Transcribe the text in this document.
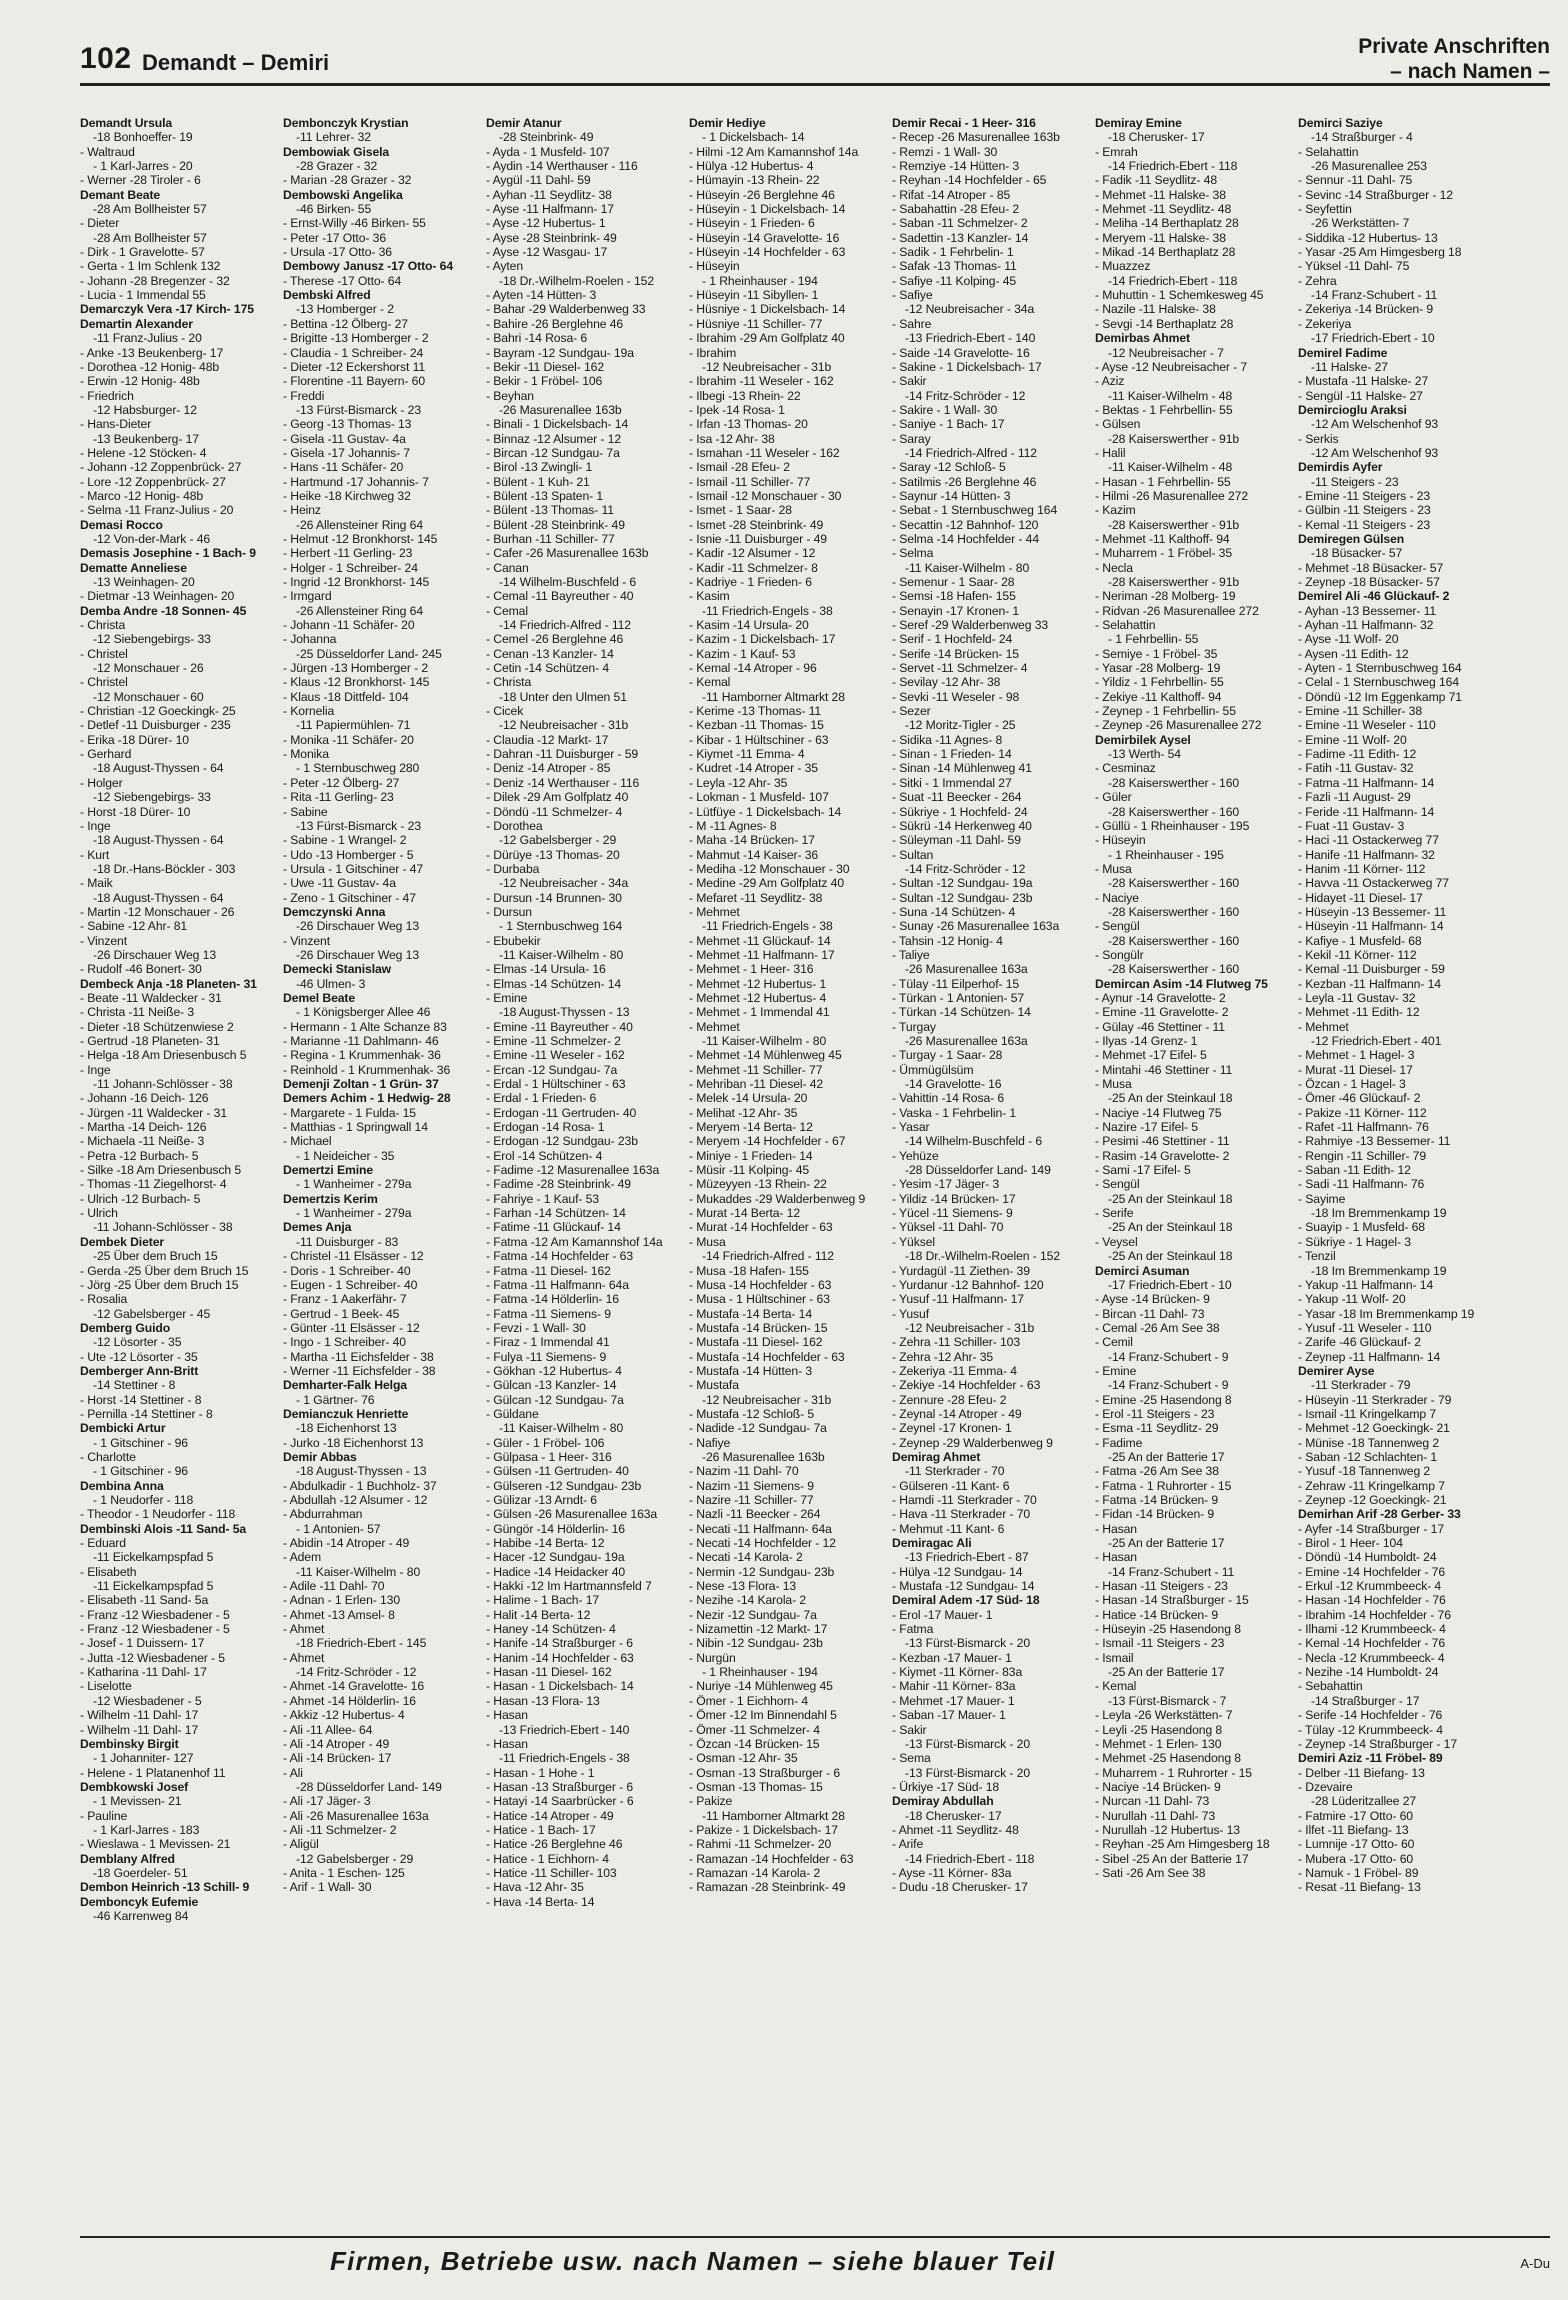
102 Demandt – Demiri
Private Anschriften
– nach Namen –
Demandt Ursula
-18 Bonhoeffer- 19
- Waltraud
- 1 Karl-Jarres - 20
- Werner -28 Tiroler - 6
Demant Beate
-28 Am Bollheister 57
- Dieter
-28 Am Bollheister 57
- Dirk - 1 Gravelotte- 57
- Gerta - 1 Im Schlenk 132
- Johann -28 Bregenzer - 32
- Lucia - 1 Immendal 55
Demarczyk Vera -17 Kirch- 175
Demartin Alexander
-11 Franz-Julius - 20
- Anke -13 Beukenberg- 17
- Dorothea -12 Honig- 48b
- Erwin -12 Honig- 48b
- Friedrich
-12 Habsburger- 12
- Hans-Dieter
-13 Beukenberg- 17
- Helene -12 Stöcken- 4
- Johann -12 Zoppenbrück- 27
- Lore -12 Zoppenbrück- 27
- Marco -12 Honig- 48b
- Selma -11 Franz-Julius - 20
Demasi Rocco
-12 Von-der-Mark - 46
Demasis Josephine - 1 Bach- 9
Dematte Anneliese
-13 Weinhagen- 20
- Dietmar -13 Weinhagen- 20
Demba Andre -18 Sonnen- 45
- Christa
-12 Siebengebirgs- 33
- Christel
-12 Monschauer - 26
- Christel
-12 Monschauer - 60
- Christian -12 Goeckingk- 25
- Detlef -11 Duisburger - 235
- Erika -18 Dürer- 10
- Gerhard
-18 August-Thyssen - 64
- Holger
-12 Siebengebirgs- 33
- Horst -18 Dürer- 10
- Inge
-18 August-Thyssen - 64
- Kurt
-18 Dr.-Hans-Böckler - 303
- Maik
-18 August-Thyssen - 64
- Martin -12 Monschauer - 26
- Sabine -12 Ahr- 81
- Vinzent
-26 Dirschauer Weg 13
- Rudolf -46 Bonert- 30
Dembeck Anja -18 Planeten- 31
- Beate -11 Waldecker - 31
- Christa -11 Neiße- 3
- Dieter -18 Schützenwiese 2
- Gertrud -18 Planeten- 31
- Helga -18 Am Driesenbusch 5
- Inge
-11 Johann-Schlösser - 38
- Johann -16 Deich- 126
- Jürgen -11 Waldecker - 31
- Martha -14 Deich- 126
- Michaela -11 Neiße- 3
- Petra -12 Burbach- 5
- Silke -18 Am Driesenbusch 5
- Thomas -11 Ziegelhorst- 4
- Ulrich -12 Burbach- 5
- Ulrich
-11 Johann-Schlösser - 38
Dembek Dieter
-25 Über dem Bruch 15
- Gerda -25 Über dem Bruch 15
- Jörg -25 Über dem Bruch 15
- Rosalia
-12 Gabelsberger - 45
Demberg Guido
-12 Lösorter - 35
- Ute -12 Lösorter - 35
Demberger Ann-Britt
-14 Stettiner - 8
- Horst -14 Stettiner - 8
- Pernilla -14 Stettiner - 8
Dembicki Artur
- 1 Gitschiner - 96
- Charlotte
- 1 Gitschiner - 96
Dembina Anna
- 1 Neudorfer - 118
- Theodor - 1 Neudorfer - 118
Dembinski Alois -11 Sand- 5a
- Eduard
-11 Eickelkampspfad 5
- Elisabeth
-11 Eickelkampspfad 5
- Elisabeth -11 Sand- 5a
- Franz -12 Wiesbadener - 5
- Franz -12 Wiesbadener - 5
- Josef - 1 Duissern- 17
- Jutta -12 Wiesbadener - 5
- Katharina -11 Dahl- 17
- Liselotte
-12 Wiesbadener - 5
- Wilhelm -11 Dahl- 17
- Wilhelm -11 Dahl- 17
Dembinsky Birgit
- 1 Johanniter- 127
- Helene - 1 Platanenhof 11
Dembkowski Josef
- 1 Mevissen- 21
- Pauline
- 1 Karl-Jarres - 183
- Wieslawa - 1 Mevissen- 21
Demblany Alfred
-18 Goerdeler- 51
Dembon Heinrich -13 Schill- 9
Demboncyk Eufemie
-46 Karrenweg 84
Dembonczyk Krystian
-11 Lehrer- 32
Dembowiak Gisela
-28 Grazer - 32
- Marian -28 Grazer - 32
Dembowski Angelika
-46 Birken- 55
- Ernst-Willy -46 Birken- 55
- Peter -17 Otto- 36
- Ursula -17 Otto- 36
Dembowy Janusz -17 Otto- 64
- Therese -17 Otto- 64
Dembski Alfred
-13 Homberger - 2
- Bettina -12 Ölberg- 27
- Brigitte -13 Homberger - 2
- Claudia - 1 Schreiber- 24
- Dieter -12 Eckershorst 11
- Florentine -11 Bayern- 60
- Freddi
-13 Fürst-Bismarck - 23
- Georg -13 Thomas- 13
- Gisela -11 Gustav- 4a
- Gisela -17 Johannis- 7
- Hans -11 Schäfer- 20
- Hartmund -17 Johannis- 7
- Heike -18 Kirchweg 32
- Heinz
-26 Allensteiner Ring 64
- Helmut -12 Bronkhorst- 145
- Herbert -11 Gerling- 23
- Holger - 1 Schreiber- 24
- Ingrid -12 Bronkhorst- 145
- Irmgard
-26 Allensteiner Ring 64
- Johann -11 Schäfer- 20
- Johanna
-25 Düsseldorfer Land- 245
- Jürgen -13 Homberger - 2
- Klaus -12 Bronkhorst- 145
- Klaus -18 Dittfeld- 104
- Kornelia
-11 Papiermühlen- 71
- Monika -11 Schäfer- 20
- Monika
- 1 Sternbuschweg 280
- Peter -12 Ölberg- 27
- Rita -11 Gerling- 23
- Sabine
-13 Fürst-Bismarck - 23
- Sabine - 1 Wrangel- 2
- Udo -13 Homberger - 5
- Ursula - 1 Gitschiner - 47
- Uwe -11 Gustav- 4a
- Zeno - 1 Gitschiner - 47
Demczynski Anna
-26 Dirschauer Weg 13
- Vinzent
-26 Dirschauer Weg 13
Demecki Stanislaw
-46 Ulmen- 3
Demel Beate
- 1 Königsberger Allee 46
- Hermann - 1 Alte Schanze 83
- Marianne -11 Dahlmann- 46
- Regina - 1 Krummenhak- 36
- Reinhold - 1 Krummenhak- 36
Demenji Zoltan - 1 Grün- 37
Demers Achim - 1 Hedwig- 28
- Margarete - 1 Fulda- 15
- Matthias - 1 Springwall 14
- Michael
- 1 Neideicher - 35
Demertzi Emine
- 1 Wanheimer - 279a
Demertzis Kerim
- 1 Wanheimer - 279a
Demes Anja
-11 Duisburger - 83
- Christel -11 Elsässer - 12
- Doris - 1 Schreiber- 40
- Eugen - 1 Schreiber- 40
- Franz - 1 Aakerfähr- 7
- Gertrud - 1 Beek- 45
- Günter -11 Elsässer - 12
- Ingo - 1 Schreiber- 40
- Martha -11 Eichsfelder - 38
- Werner -11 Eichsfelder - 38
Demharter-Falk Helga
- 1 Gärtner- 76
Demianczuk Henriette
-18 Eichenhorst 13
- Jurko -18 Eichenhorst 13
Demir Abbas
-18 August-Thyssen - 13
- Abdulkadir - 1 Buchholz- 37
- Abdullah -12 Alsumer - 12
- Abdurrahman
- 1 Antonien- 57
- Abidin -14 Atroper - 49
- Adem
-11 Kaiser-Wilhelm - 80
- Adile -11 Dahl- 70
- Adnan - 1 Erlen- 130
- Ahmet -13 Amsel- 8
- Ahmet
-18 Friedrich-Ebert - 145
- Ahmet
-14 Fritz-Schröder - 12
- Ahmet -14 Gravelotte- 16
- Ahmet -14 Hölderlin- 16
- Akkiz -12 Hubertus- 4
- Ali -11 Allee- 64
- Ali -14 Atroper - 49
- Ali -14 Brücken- 17
- Ali
-28 Düsseldorfer Land- 149
- Ali -17 Jäger- 3
- Ali -26 Masurenallee 163a
- Ali -11 Schmelzer- 2
- Aligül
-12 Gabelsberger - 29
- Anita - 1 Eschen- 125
- Arif - 1 Wall- 30
Demir Atanur
-28 Steinbrink- 49
- Ayda - 1 Musfeld- 107
- Aydin -14 Werthauser - 116
- Aygül -11 Dahl- 59
- Ayhan -11 Seydlitz- 38
- Ayse -11 Halfmann- 17
- Ayse -12 Hubertus- 1
- Ayse -28 Steinbrink- 49
- Ayse -12 Wasgau- 17
- Ayten
-18 Dr.-Wilhelm-Roelen - 152
- Ayten -14 Hütten- 3
- Bahar -29 Walderbenweg 33
- Bahire -26 Berglehne 46
- Bahri -14 Rosa- 6
- Bayram -12 Sundgau- 19a
- Bekir -11 Diesel- 162
- Bekir - 1 Fröbel- 106
- Beyhan
-26 Masurenallee 163b
- Binali - 1 Dickelsbach- 14
- Binnaz -12 Alsumer - 12
- Bircan -12 Sundgau- 7a
- Birol -13 Zwingli- 1
- Bülent - 1 Kuh- 21
- Bülent -13 Spaten- 1
- Bülent -13 Thomas- 11
- Bülent -28 Steinbrink- 49
- Burhan -11 Schiller- 77
- Cafer -26 Masurenallee 163b
- Canan
-14 Wilhelm-Buschfeld - 6
- Cemal -11 Bayreuther - 40
- Cemal
-14 Friedrich-Alfred - 112
- Cemel -26 Berglehne 46
- Cenan -13 Kanzler- 14
- Cetin -14 Schützen- 4
- Christa
-18 Unter den Ulmen 51
- Cicek
-12 Neubreisacher - 31b
- Claudia -12 Markt- 17
- Dahran -11 Duisburger - 59
- Deniz -14 Atroper - 85
- Deniz -14 Werthauser - 116
- Dilek -29 Am Golfplatz 40
- Döndü -11 Schmelzer- 4
- Dorothea
-12 Gabelsberger - 29
- Dürüye -13 Thomas- 20
- Durbaba
-12 Neubreisacher - 34a
- Dursun -14 Brunnen- 30
- Dursun
- 1 Sternbuschweg 164
- Ebubekir
-11 Kaiser-Wilhelm - 80
- Elmas -14 Ursula- 16
- Elmas -14 Schützen- 14
- Emine
-18 August-Thyssen - 13
- Emine -11 Bayreuther - 40
- Emine -11 Schmelzer- 2
- Emine -11 Weseler - 162
- Ercan -12 Sundgau- 7a
- Erdal - 1 Hültschiner - 63
- Erdal - 1 Frieden- 6
- Erdogan -11 Gertruden- 40
- Erdogan -14 Rosa- 1
- Erdogan -12 Sundgau- 23b
- Erol -14 Schützen- 4
- Fadime -12 Masurenallee 163a
- Fadime -28 Steinbrink- 49
- Fahriye - 1 Kauf- 53
- Farhan -14 Schützen- 14
- Fatime -11 Glückauf- 14
- Fatma -12 Am Kamannshof 14a
- Fatma -14 Hochfelder - 63
- Fatma -11 Diesel- 162
- Fatma -11 Halfmann- 64a
- Fatma -14 Hölderlin- 16
- Fatma -11 Siemens- 9
- Fevzi - 1 Wall- 30
- Firaz - 1 Immendal 41
- Fulya -11 Siemens- 9
- Gökhan -12 Hubertus- 4
- Gülcan -13 Kanzler- 14
- Gülcan -12 Sundgau- 7a
- Güldane
-11 Kaiser-Wilhelm - 80
- Güler - 1 Fröbel- 106
- Gülpasa - 1 Heer- 316
- Gülsen -11 Gertruden- 40
- Gülseren -12 Sundgau- 23b
- Gülizar -13 Arndt- 6
- Gülsen -26 Masurenallee 163a
- Güngör -14 Hölderlin- 16
- Habibe -14 Berta- 12
- Hacer -12 Sundgau- 19a
- Hadice -14 Heidacker 40
- Hakki -12 Im Hartmannsfeld 7
- Halime - 1 Bach- 17
- Halit -14 Berta- 12
- Haney -14 Schützen- 4
- Hanife -14 Straßburger - 6
- Hanim -14 Hochfelder - 63
- Hasan -11 Diesel- 162
- Hasan - 1 Dickelsbach- 14
- Hasan -13 Flora- 13
- Hasan
-13 Friedrich-Ebert - 140
- Hasan
-11 Friedrich-Engels - 38
- Hasan - 1 Hohe - 1
- Hasan -13 Straßburger - 6
- Hatayi -14 Saarbrücker - 6
- Hatice -14 Atroper - 49
- Hatice - 1 Bach- 17
- Hatice -26 Berglehne 46
- Hatice - 1 Eichhorn- 4
- Hatice -11 Schiller- 103
- Hava -12 Ahr- 35
- Hava -14 Berta- 14
Demir Hediye
- 1 Dickelsbach- 14
- Hilmi -12 Am Kamannshof 14a
- Hülya -12 Hubertus- 4
- Hümayin -13 Rhein- 22
- Hüseyin -26 Berglehne 46
- Hüseyin - 1 Dickelsbach- 14
- Hüseyin - 1 Frieden- 6
- Hüseyin -14 Gravelotte- 16
- Hüseyin -14 Hochfelder - 63
- Hüseyin
- 1 Rheinhauser - 194
- Hüseyin -11 Sibyllen- 1
- Hüsniye - 1 Dickelsbach- 14
- Hüsniye -11 Schiller- 77
- Ibrahim -29 Am Golfplatz 40
- Ibrahim
-12 Neubreisacher - 31b
- Ibrahim -11 Weseler - 162
- Ilbegi -13 Rhein- 22
- Ipek -14 Rosa- 1
- Irfan -13 Thomas- 20
- Isa -12 Ahr- 38
- Ismahan -11 Weseler - 162
- Ismail -28 Efeu- 2
- Ismail -11 Schiller- 77
- Ismail -12 Monschauer - 30
- Ismet - 1 Saar- 28
- Ismet -28 Steinbrink- 49
- Isnie -11 Duisburger - 49
- Kadir -12 Alsumer - 12
- Kadir -11 Schmelzer- 8
- Kadriye - 1 Frieden- 6
- Kasim
-11 Friedrich-Engels - 38
- Kasim -14 Ursula- 20
- Kazim - 1 Dickelsbach- 17
- Kazim - 1 Kauf- 53
- Kemal -14 Atroper - 96
- Kemal
-11 Hamborner Altmarkt 28
- Kerime -13 Thomas- 11
- Kezban -11 Thomas- 15
- Kibar - 1 Hültschiner - 63
- Kiymet -11 Emma- 4
- Kudret -14 Atroper - 35
- Leyla -12 Ahr- 35
- Lokman - 1 Musfeld- 107
- Lütfüye - 1 Dickelsbach- 14
- M -11 Agnes- 8
- Maha -14 Brücken- 17
- Mahmut -14 Kaiser- 36
- Mediha -12 Monschauer - 30
- Medine -29 Am Golfplatz 40
- Mefaret -11 Seydlitz- 38
- Mehmet
-11 Friedrich-Engels - 38
- Mehmet -11 Glückauf- 14
- Mehmet -11 Halfmann- 17
- Mehmet - 1 Heer- 316
- Mehmet -12 Hubertus- 1
- Mehmet -12 Hubertus- 4
- Mehmet - 1 Immendal 41
- Mehmet
-11 Kaiser-Wilhelm - 80
- Mehmet -14 Mühlenweg 45
- Mehmet -11 Schiller- 77
- Mehriban -11 Diesel- 42
- Melek -14 Ursula- 20
- Melihat -12 Ahr- 35
- Meryem -14 Berta- 12
- Meryem -14 Hochfelder - 67
- Miniye - 1 Frieden- 14
- Müsir -11 Kolping- 45
- Müzeyyen -13 Rhein- 22
- Mukaddes -29 Walderbenweg 9
- Murat -14 Berta- 12
- Murat -14 Hochfelder - 63
- Musa
-14 Friedrich-Alfred - 112
- Musa -18 Hafen- 155
- Musa -14 Hochfelder - 63
- Musa - 1 Hültschiner - 63
- Mustafa -14 Berta- 14
- Mustafa -14 Brücken- 15
- Mustafa -11 Diesel- 162
- Mustafa -14 Hochfelder - 63
- Mustafa -14 Hütten- 3
- Mustafa
-12 Neubreisacher - 31b
- Mustafa -12 Schloß- 5
- Nadide -12 Sundgau- 7a
- Nafiye
-26 Masurenallee 163b
- Nazim -11 Dahl- 70
- Nazim -11 Siemens- 9
- Nazire -11 Schiller- 77
- Nazli -11 Beecker - 264
- Necati -11 Halfmann- 64a
- Necati -14 Hochfelder - 12
- Necati -14 Karola- 2
- Nermin -12 Sundgau- 23b
- Nese -13 Flora- 13
- Nezihe -14 Karola- 2
- Nezir -12 Sundgau- 7a
- Nizamettin -12 Markt- 17
- Nibin -12 Sundgau- 23b
- Nurgün
- 1 Rheinhauser - 194
- Nuriye -14 Mühlenweg 45
- Ömer - 1 Eichhorn- 4
- Ömer -12 Im Binnendahl 5
- Ömer -11 Schmelzer- 4
- Özcan -14 Brücken- 15
- Osman -12 Ahr- 35
- Osman -13 Straßburger - 6
- Osman -13 Thomas- 15
- Pakize
-11 Hamborner Altmarkt 28
- Pakize - 1 Dickelsbach- 17
- Rahmi -11 Schmelzer- 20
- Ramazan -14 Hochfelder - 63
- Ramazan -14 Karola- 2
- Ramazan -28 Steinbrink- 49
Demir Recai - 1 Heer- 316
- Recep -26 Masurenallee 163b
- Remzi - 1 Wall- 30
- Remziye -14 Hütten- 3
- Reyhan -14 Hochfelder - 65
- Rifat -14 Atroper - 85
- Sabahattin -28 Efeu- 2
- Saban -11 Schmelzer- 2
- Sadettin -13 Kanzler- 14
- Sadik - 1 Fehrbelin- 1
- Safak -13 Thomas- 11
- Safiye -11 Kolping- 45
- Safiye
-12 Neubreisacher - 34a
- Sahre
-13 Friedrich-Ebert - 140
- Saide -14 Gravelotte- 16
- Sakine - 1 Dickelsbach- 17
- Sakir
-14 Fritz-Schröder - 12
- Sakire - 1 Wall- 30
- Saniye - 1 Bach- 17
- Saray
-14 Friedrich-Alfred - 112
- Saray -12 Schloß- 5
- Satilmis -26 Berglehne 46
- Saynur -14 Hütten- 3
- Sebat - 1 Sternbuschweg 164
- Secattin -12 Bahnhof- 120
- Selma -14 Hochfelder - 44
- Selma
-11 Kaiser-Wilhelm - 80
- Semenur - 1 Saar- 28
- Semsi -18 Hafen- 155
- Senayin -17 Kronen- 1
- Seref -29 Walderbenweg 33
- Serif - 1 Hochfeld- 24
- Serife -14 Brücken- 15
- Servet -11 Schmelzer- 4
- Sevilay -12 Ahr- 38
- Sevki -11 Weseler - 98
- Sezer
-12 Moritz-Tigler - 25
- Sidika -11 Agnes- 8
- Sinan - 1 Frieden- 14
- Sinan -14 Mühlenweg 41
- Sitki - 1 Immendal 27
- Suat -11 Beecker - 264
- Sükriye - 1 Hochfeld- 24
- Sükrü -14 Herkenweg 40
- Süleyman -11 Dahl- 59
- Sultan
-14 Fritz-Schröder - 12
- Sultan -12 Sundgau- 19a
- Sultan -12 Sundgau- 23b
- Suna -14 Schützen- 4
- Sunay -26 Masurenallee 163a
- Tahsin -12 Honig- 4
- Taliye
-26 Masurenallee 163a
- Tülay -11 Eilperhof- 15
- Türkan - 1 Antonien- 57
- Türkan -14 Schützen- 14
- Turgay
-26 Masurenallee 163a
- Turgay - 1 Saar- 28
- Ümmügülsüm
-14 Gravelotte- 16
- Vahittin -14 Rosa- 6
- Vaska - 1 Fehrbelin- 1
- Yasar
-14 Wilhelm-Buschfeld - 6
- Yehüze
-28 Düsseldorfer Land- 149
- Yesim -17 Jäger- 3
- Yildiz -14 Brücken- 17
- Yücel -11 Siemens- 9
- Yüksel -11 Dahl- 70
- Yüksel
-18 Dr.-Wilhelm-Roelen - 152
- Yurdagül -11 Ziethen- 39
- Yurdanur -12 Bahnhof- 120
- Yusuf -11 Halfmann- 17
- Yusuf
-12 Neubreisacher - 31b
- Zehra -11 Schiller- 103
- Zehra -12 Ahr- 35
- Zekeriya -11 Emma- 4
- Zekiye -14 Hochfelder - 63
- Zennure -28 Efeu- 2
- Zeynal -14 Atroper - 49
- Zeynel -17 Kronen- 1
- Zeynep -29 Walderbenweg 9
Demirag Ahmet
-11 Sterkrader - 70
- Gülseren -11 Kant- 6
- Hamdi -11 Sterkrader - 70
- Hava -11 Sterkrader - 70
- Mehmut -11 Kant- 6
Demiragac Ali
-13 Friedrich-Ebert - 87
- Hülya -12 Sundgau- 14
- Mustafa -12 Sundgau- 14
Demiral Adem -17 Süd- 18
- Erol -17 Mauer- 1
- Fatma
-13 Fürst-Bismarck - 20
- Kezban -17 Mauer- 1
- Kiymet -11 Körner- 83a
- Mahir -11 Körner- 83a
- Mehmet -17 Mauer- 1
- Saban -17 Mauer- 1
- Sakir
-13 Fürst-Bismarck - 20
- Sema
-13 Fürst-Bismarck - 20
- Ürkiye -17 Süd- 18
Demiray Abdullah
-18 Cherusker- 17
- Ahmet -11 Seydlitz- 48
- Arife
-14 Friedrich-Ebert - 118
- Ayse -11 Körner- 83a
- Dudu -18 Cherusker- 17
Demiray Emine
-18 Cherusker- 17
- Emrah
-14 Friedrich-Ebert - 118
- Fadik -11 Seydlitz- 48
- Mehmet -11 Halske- 38
- Mehmet -11 Seydlitz- 48
- Meliha -14 Berthaplatz 28
- Meryem -11 Halske- 38
- Mikad -14 Berthaplatz 28
- Muazzez
-14 Friedrich-Ebert - 118
- Muhuttin - 1 Schemkesweg 45
- Nazile -11 Halske- 38
- Sevgi -14 Berthaplatz 28
Demirbas Ahmet
-12 Neubreisacher - 7
- Ayse -12 Neubreisacher - 7
- Aziz
-11 Kaiser-Wilhelm - 48
- Bektas - 1 Fehrbellin- 55
- Gülsen
-28 Kaiserswerther - 91b
- Halil
-11 Kaiser-Wilhelm - 48
- Hasan - 1 Fehrbellin- 55
- Hilmi -26 Masurenallee 272
- Kazim
-28 Kaiserswerther - 91b
- Mehmet -11 Kalthoff- 94
- Muharrem - 1 Fröbel- 35
- Necla
-28 Kaiserswerther - 91b
- Neriman -28 Molberg- 19
- Ridvan -26 Masurenallee 272
- Selahattin
- 1 Fehrbellin- 55
- Semiye - 1 Fröbel- 35
- Yasar -28 Molberg- 19
- Yildiz - 1 Fehrbellin- 55
- Zekiye -11 Kalthoff- 94
- Zeynep - 1 Fehrbellin- 55
- Zeynep -26 Masurenallee 272
Demirbilek Aysel
-13 Werth- 54
- Cesminaz
-28 Kaiserswerther - 160
- Güler
-28 Kaiserswerther - 160
- Güllü - 1 Rheinhauser - 195
- Hüseyin
- 1 Rheinhauser - 195
- Musa
-28 Kaiserswerther - 160
- Naciye
-28 Kaiserswerther - 160
- Sengül
-28 Kaiserswerther - 160
- Songülr
-28 Kaiserswerther - 160
Demircan Asim -14 Flutweg 75
- Aynur -14 Gravelotte- 2
- Emine -11 Gravelotte- 2
- Gülay -46 Stettiner - 11
- Ilyas -14 Grenz- 1
- Mehmet -17 Eifel- 5
- Mintahi -46 Stettiner - 11
- Musa
-25 An der Steinkaul 18
- Naciye -14 Flutweg 75
- Nazire -17 Eifel- 5
- Pesimi -46 Stettiner - 11
- Rasim -14 Gravelotte- 2
- Sami -17 Eifel- 5
- Sengül
-25 An der Steinkaul 18
- Serife
-25 An der Steinkaul 18
- Veysel
-25 An der Steinkaul 18
Demirci Asuman
-17 Friedrich-Ebert - 10
- Ayse -14 Brücken- 9
- Bircan -11 Dahl- 73
- Cemal -26 Am See 38
- Cemil
-14 Franz-Schubert - 9
- Emine
-14 Franz-Schubert - 9
- Emine -25 Hasendong 8
- Erol -11 Steigers - 23
- Esma -11 Seydlitz- 29
- Fadime
-25 An der Batterie 17
- Fatma -26 Am See 38
- Fatma - 1 Ruhrorter - 15
- Fatma -14 Brücken- 9
- Fidan -14 Brücken- 9
- Hasan
-25 An der Batterie 17
- Hasan
-14 Franz-Schubert - 11
- Hasan -11 Steigers - 23
- Hasan -14 Straßburger - 15
- Hatice -14 Brücken- 9
- Hüseyin -25 Hasendong 8
- Ismail -11 Steigers - 23
- Ismail
-25 An der Batterie 17
- Kemal
-13 Fürst-Bismarck - 7
- Leyla -26 Werkstätten- 7
- Leyli -25 Hasendong 8
- Mehmet - 1 Erlen- 130
- Mehmet -25 Hasendong 8
- Muharrem - 1 Ruhrorter - 15
- Naciye -14 Brücken- 9
- Nurcan -11 Dahl- 73
- Nurullah -11 Dahl- 73
- Nurullah -12 Hubertus- 13
- Reyhan -25 Am Himgesberg 18
- Sibel -25 An der Batterie 17
- Sati -26 Am See 38
Demirci Saziye
-14 Straßburger - 4
- Selahattin
-26 Masurenallee 253
- Sennur -11 Dahl- 75
- Sevinc -14 Straßburger - 12
- Seyfettin
-26 Werkstätten- 7
- Siddika -12 Hubertus- 13
- Yasar -25 Am Himgesberg 18
- Yüksel -11 Dahl- 75
- Zehra
-14 Franz-Schubert - 11
- Zekeriya -14 Brücken- 9
- Zekeriya
-17 Friedrich-Ebert - 10
Demirel Fadime
-11 Halske- 27
- Mustafa -11 Halske- 27
- Sengül -11 Halske- 27
Demircioglu Araksi
-12 Am Welschenhof 93
- Serkis
-12 Am Welschenhof 93
Demirdis Ayfer
-11 Steigers - 23
- Emine -11 Steigers - 23
- Gülbin -11 Steigers - 23
- Kemal -11 Steigers - 23
Demiregen Gülsen
-18 Büsacker- 57
- Mehmet -18 Büsacker- 57
- Zeynep -18 Büsacker- 57
Demirel Ali -46 Glückauf- 2
- Ayhan -13 Bessemer- 11
- Ayhan -11 Halfmann- 32
- Ayse -11 Wolf- 20
- Aysen -11 Edith- 12
- Ayten - 1 Sternbuschweg 164
- Celal - 1 Sternbuschweg 164
- Döndü -12 Im Eggenkamp 71
- Emine -11 Schiller- 38
- Emine -11 Weseler - 110
- Emine -11 Wolf- 20
- Fadime -11 Edith- 12
- Fatih -11 Gustav- 32
- Fatma -11 Halfmann- 14
- Fazli -11 August- 29
- Feride -11 Halfmann- 14
- Fuat -11 Gustav- 3
- Haci -11 Ostackerweg 77
- Hanife -11 Halfmann- 32
- Hanim -11 Körner- 112
- Havva -11 Ostackerweg 77
- Hidayet -11 Diesel- 17
- Hüseyin -13 Bessemer- 11
- Hüseyin -11 Halfmann- 14
- Kafiye - 1 Musfeld- 68
- Kekil -11 Körner- 112
- Kemal -11 Duisburger - 59
- Kezban -11 Halfmann- 14
- Leyla -11 Gustav- 32
- Mehmet -11 Edith- 12
- Mehmet
-12 Friedrich-Ebert - 401
- Mehmet - 1 Hagel- 3
- Murat -11 Diesel- 17
- Özcan - 1 Hagel- 3
- Ömer -46 Glückauf- 2
- Pakize -11 Körner- 112
- Rafet -11 Halfmann- 76
- Rahmiye -13 Bessemer- 11
- Rengin -11 Schiller- 79
- Saban -11 Edith- 12
- Sadi -11 Halfmann- 76
- Sayime
-18 Im Bremmenkamp 19
- Suayip - 1 Musfeld- 68
- Sükriye - 1 Hagel- 3
- Tenzil
-18 Im Bremmenkamp 19
- Yakup -11 Halfmann- 14
- Yakup -11 Wolf- 20
- Yasar -18 Im Bremmenkamp 19
- Yusuf -11 Weseler - 110
- Zarife -46 Glückauf- 2
- Zeynep -11 Halfmann- 14
Demirer Ayse
-11 Sterkrader - 79
- Hüseyin -11 Sterkrader - 79
- Ismail -11 Kringelkamp 7
- Mehmet -12 Goeckingk- 21
- Münise -18 Tannenweg 2
- Saban -12 Schlachten- 1
- Yusuf -18 Tannenweg 2
- Zehraw -11 Kringelkamp 7
- Zeynep -12 Goeckingk- 21
Demirhan Arif -28 Gerber- 33
- Ayfer -14 Straßburger - 17
- Birol - 1 Heer- 104
- Döndü -14 Humboldt- 24
- Emine -14 Hochfelder - 76
- Erkul -12 Krummbeeck- 4
- Hasan -14 Hochfelder - 76
- Ibrahim -14 Hochfelder - 76
- Ilhami -12 Krummbeeck- 4
- Kemal -14 Hochfelder - 76
- Necla -12 Krummbeeck- 4
- Nezihe -14 Humboldt- 24
- Sebahattin
-14 Straßburger - 17
- Serife -14 Hochfelder - 76
- Tülay -12 Krummbeeck- 4
- Zeynep -14 Straßburger - 17
Demiri Aziz -11 Fröbel- 89
- Delber -11 Biefang- 13
- Dzevaire
-28 Lüderitzallee 27
- Fatmire -17 Otto- 60
- Ilfet -11 Biefang- 13
- Lumnije -17 Otto- 60
- Mubera -17 Otto- 60
- Namuk - 1 Fröbel- 89
- Resat -11 Biefang- 13
Firmen, Betriebe usw. nach Namen – siehe blauer Teil	A-Du
